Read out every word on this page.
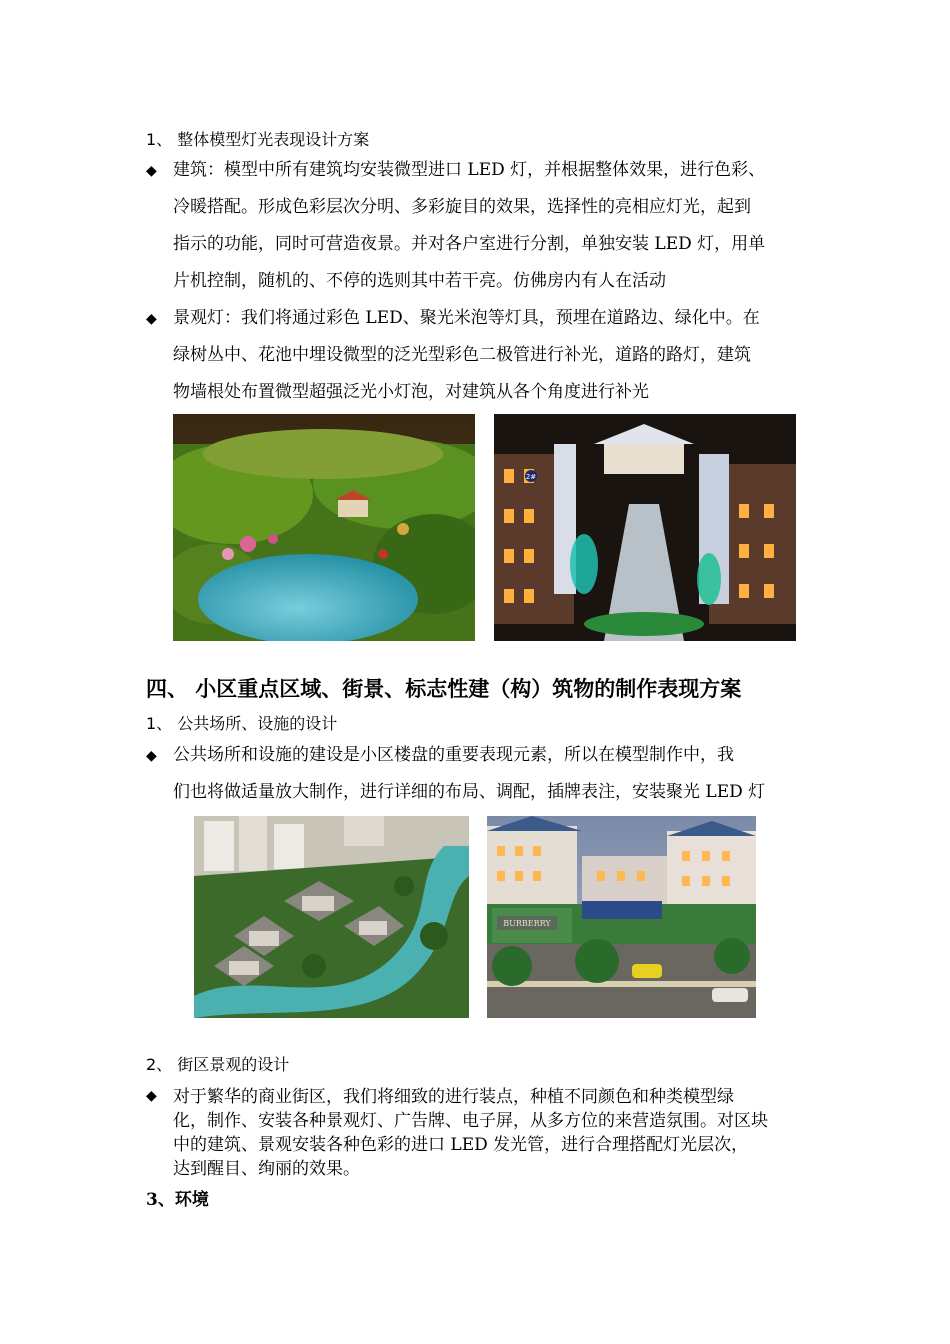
1、 整体模型灯光表现设计方案
◆ 建筑：模型中所有建筑均安装微型进口 LED 灯，并根据整体效果，进行色彩、
冷暖搭配。形成色彩层次分明、多彩旋目的效果，选择性的亮相应灯光，起到
指示的功能，同时可营造夜景。并对各户室进行分割，单独安装 LED 灯，用单
片机控制，随机的、不停的选则其中若干亮。仿佛房内有人在活动
◆ 景观灯：我们将通过彩色 LED、聚光米泡等灯具，预埋在道路边、绿化中。在
绿树丛中、花池中埋设微型的泛光型彩色二极管进行补光，道路的路灯，建筑
物墙根处布置微型超强泛光小灯泡，对建筑从各个角度进行补光
2#
四、 小区重点区域、街景、标志性建（构）筑物的制作表现方案
1、 公共场所、设施的设计
◆ 公共场所和设施的建设是小区楼盘的重要表现元素，所以在模型制作中，我
们也将做适量放大制作，进行详细的布局、调配，插牌表注，安装聚光 LED 灯
BURBERRY
2、 街区景观的设计
◆ 对于繁华的商业街区，我们将细致的进行装点，种植不同颜色和种类模型绿
化，制作、安装各种景观灯、广告牌、电子屏，从多方位的来营造氛围。对区块
中的建筑、景观安装各种色彩的进口 LED 发光管，进行合理搭配灯光层次，
达到醒目、绚丽的效果。
3、环境
